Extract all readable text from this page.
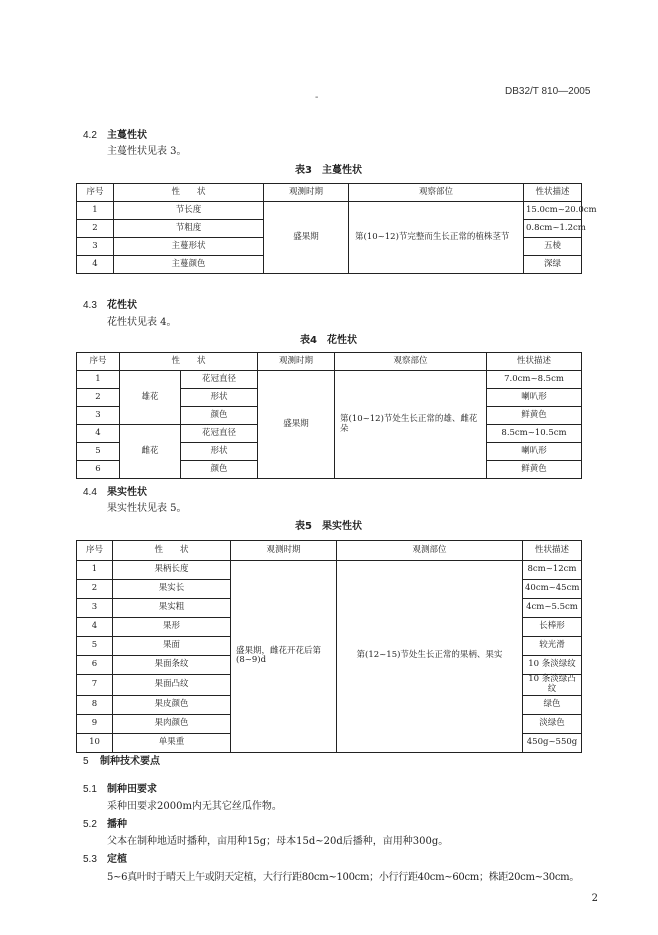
-
DB32/T 810—2005
4.2 主蔓性状
主蔓性状见表 3。
表3　主蔓性状
序号	性　　状	观测时期	观察部位	性状描述
1	节长度	盛果期	第(10~12)节完整而生长正常的植株茎节	15.0cm~20.0cm
2	节粗度			0.8cm~1.2cm
3	主蔓形状			五棱
4	主蔓颜色			深绿
4.3 花性状
花性状见表 4。
表4　花性状
序号	性　　状		观测时期	观察部位	性状描述
1	雄花	花冠直径	盛果期	第(10~12)节处生长正常的雄、雌花朵	7.0cm~8.5cm
2		形状			喇叭形
3		颜色			鲜黄色
4	雌花	花冠直径			8.5cm~10.5cm
5		形状			喇叭形
6		颜色			鲜黄色
4.4 果实性状
果实性状见表 5。
表5　果实性状
序号	性　　状	观测时期	观测部位	性状描述
1	果柄长度	盛果期，雌花开花后第(8~9)d	第(12~15)节处生长正常的果柄、果实	8cm~12cm
2	果实长			40cm~45cm
3	果实粗			4cm~5.5cm
4	果形			长棒形
5	果面			较光滑
6	果面条纹			10 条淡绿纹
7	果面凸纹			10 条淡绿凸纹
8	果皮颜色			绿色
9	果肉颜色			淡绿色
10	单果重			450g~550g
5 制种技术要点
5.1 制种田要求
采种田要求2000m内无其它丝瓜作物。
5.2 播种
父本在制种地适时播种，亩用种15g；母本15d~20d后播种，亩用种300g。
5.3 定植
5~6真叶时于晴天上午或阴天定植，大行行距80cm~100cm；小行行距40cm~60cm；株距20cm~30cm。
2
